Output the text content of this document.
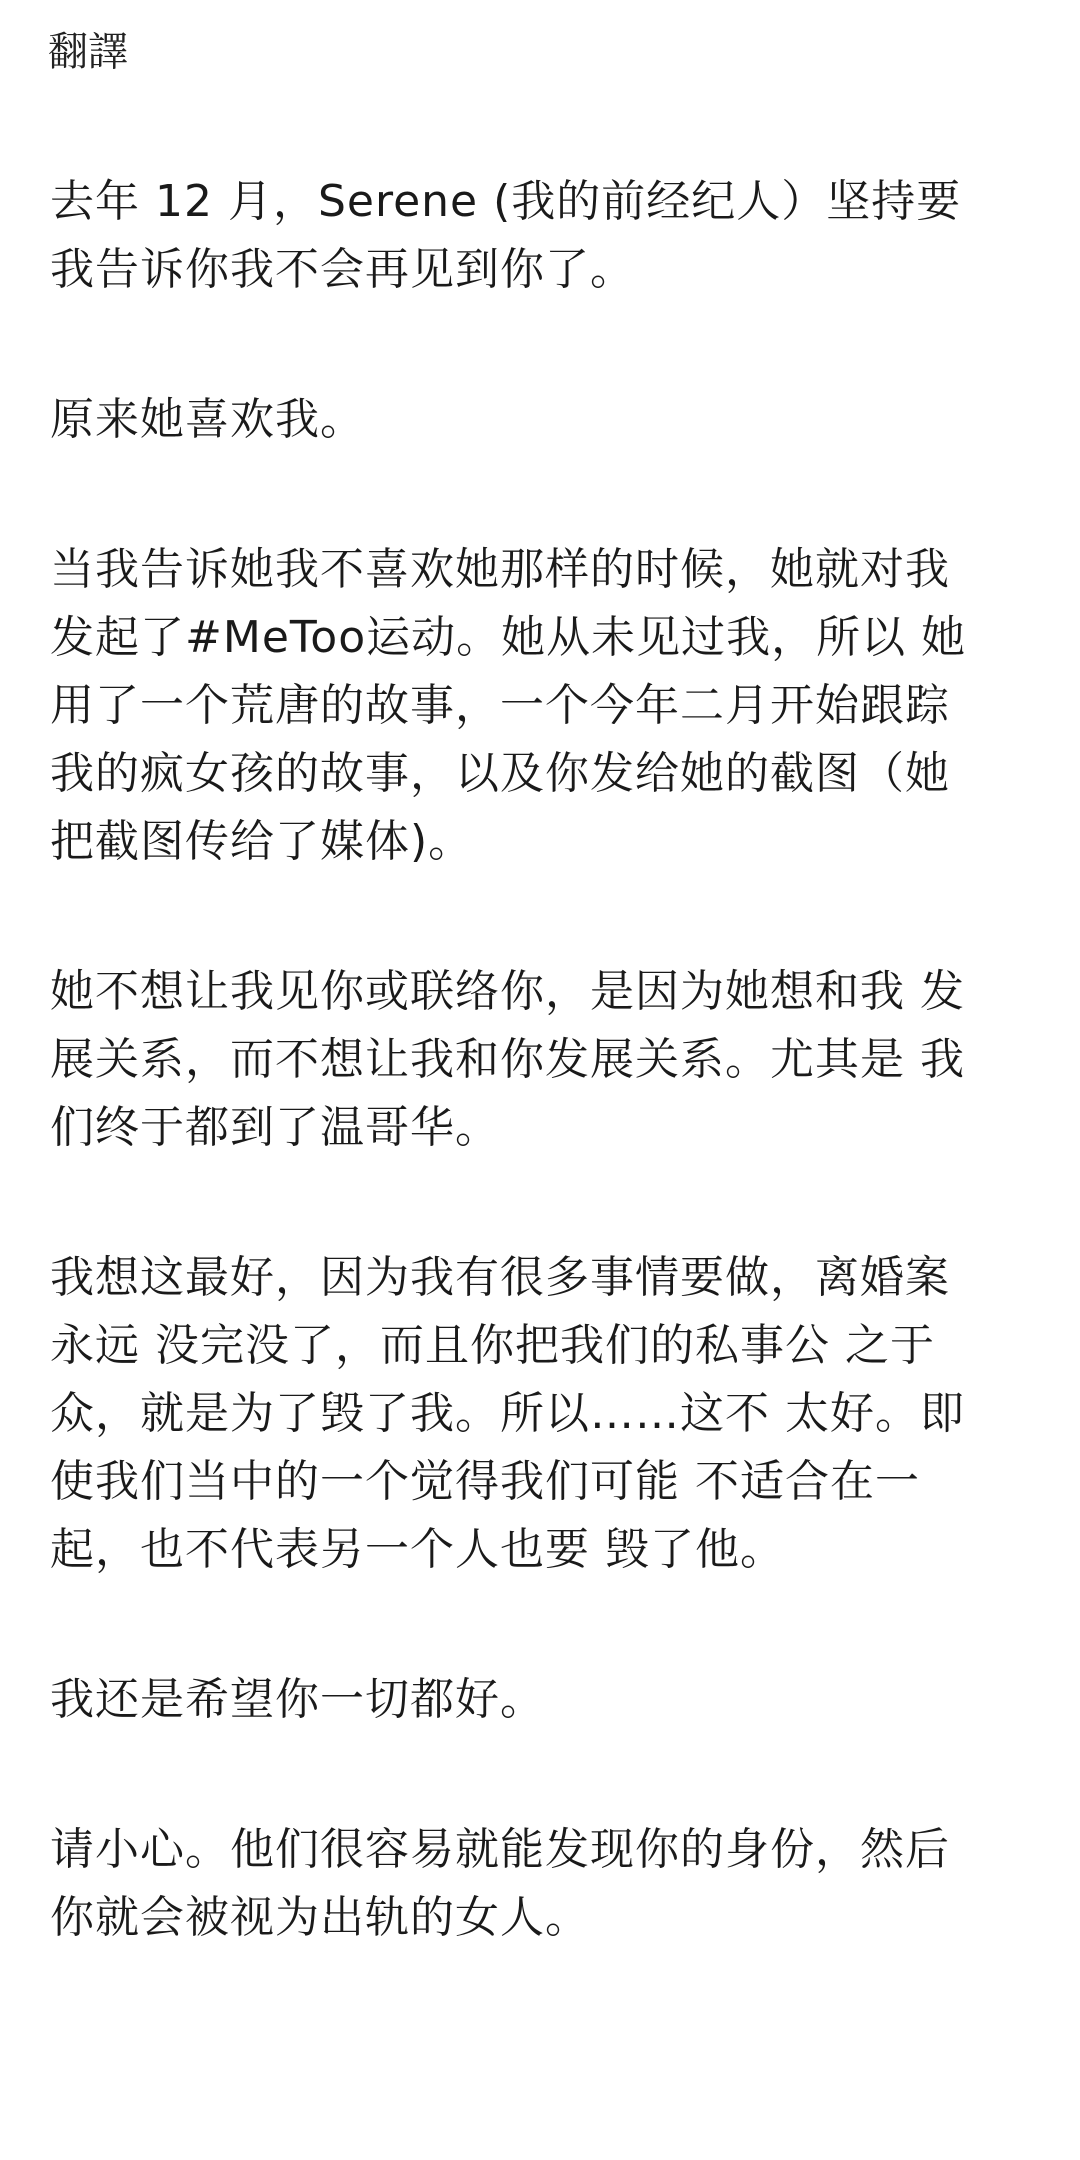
翻譯

去年 12 月，Serene (我的前经纪人）坚持要
我告诉你我不会再见到你了。

原来她喜欢我。

当我告诉她我不喜欢她那样的时候，她就对我
发起了#MeToo运动。她从未见过我，所以 她
用了一个荒唐的故事，一个今年二月开始跟踪
我的疯女孩的故事，以及你发给她的截图（她
把截图传给了媒体)。

她不想让我见你或联络你，是因为她想和我 发
展关系，而不想让我和你发展关系。尤其是 我
们终于都到了温哥华。

我想这最好，因为我有很多事情要做，离婚案
永远 没完没了，而且你把我们的私事公 之于
众，就是为了毁了我。所以……这不 太好。即
使我们当中的一个觉得我们可能 不适合在一
起，也不代表另一个人也要 毁了他。

我还是希望你一切都好。

请小心。他们很容易就能发现你的身份，然后
你就会被视为出轨的女人。
